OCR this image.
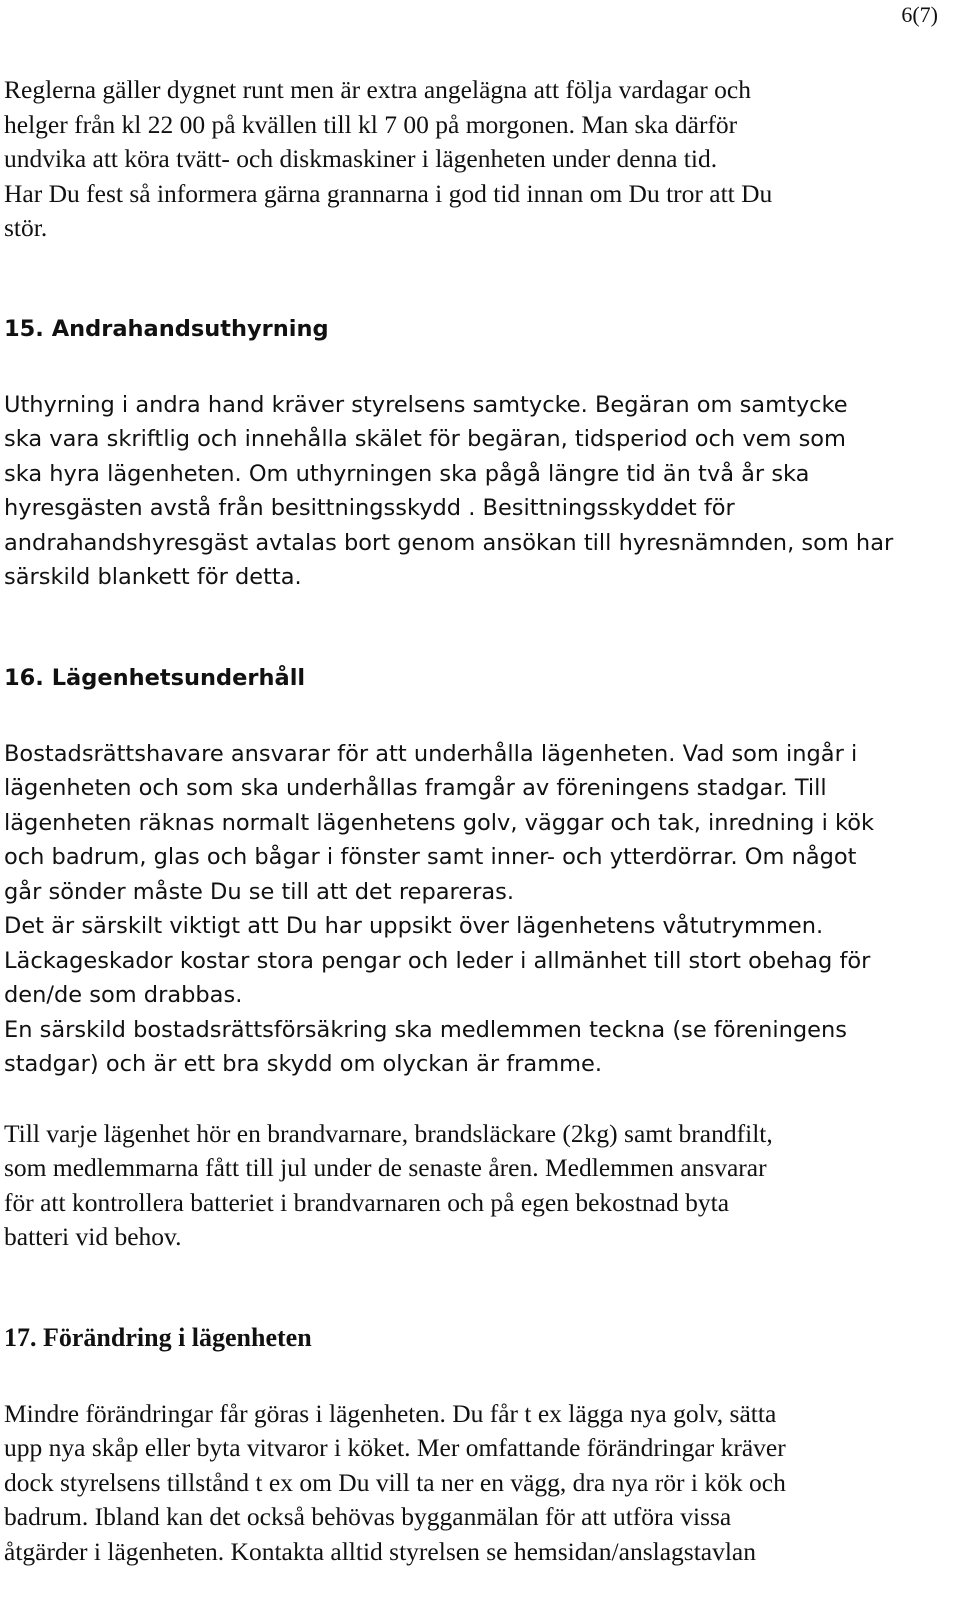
6(7)

Reglerna gäller dygnet runt men är extra angelägna att följa vardagar och
helger från kl 22 00 på kvällen till kl 7 00 på morgonen. Man ska därför
undvika att köra tvätt- och diskmaskiner i lägenheten under denna tid.
Har Du fest så informera gärna grannarna i god tid innan om Du tror att Du
stör.

15. Andrahandsuthyrning

Uthyrning i andra hand kräver styrelsens samtycke. Begäran om samtycke
ska vara skriftlig och innehålla skälet för begäran, tidsperiod och vem som
ska hyra lägenheten. Om uthyrningen ska pågå längre tid än två år ska
hyresgästen avstå från besittningsskydd . Besittningsskyddet för
andrahandshyresgäst avtalas bort genom ansökan till hyresnämnden, som har
särskild blankett för detta.

16. Lägenhetsunderhåll

Bostadsrättshavare ansvarar för att underhålla lägenheten. Vad som ingår i
lägenheten och som ska underhållas framgår av föreningens stadgar. Till
lägenheten räknas normalt lägenhetens golv, väggar och tak, inredning i kök
och badrum, glas och bågar i fönster samt inner- och ytterdörrar. Om något
går sönder måste Du se till att det repareras.
Det är särskilt viktigt att Du har uppsikt över lägenhetens våtutrymmen.
Läckageskador kostar stora pengar och leder i allmänhet till stort obehag för
den/de som drabbas.
En särskild bostadsrättsförsäkring ska medlemmen teckna (se föreningens
stadgar) och är ett bra skydd om olyckan är framme.

Till varje lägenhet hör en brandvarnare, brandsläckare (2kg) samt brandfilt,
som medlemmarna fått till jul under de senaste åren. Medlemmen ansvarar
för att kontrollera batteriet i brandvarnaren och på egen bekostnad byta
batteri vid behov.

17. Förändring i lägenheten

Mindre förändringar får göras i lägenheten. Du får t ex lägga nya golv, sätta
upp nya skåp eller byta vitvaror i köket. Mer omfattande förändringar kräver
dock styrelsens tillstånd t ex om Du vill ta ner en vägg, dra nya rör i kök och
badrum. Ibland kan det också behövas bygganmälan för att utföra vissa
åtgärder i lägenheten. Kontakta alltid styrelsen se hemsidan/anslagstavlan
